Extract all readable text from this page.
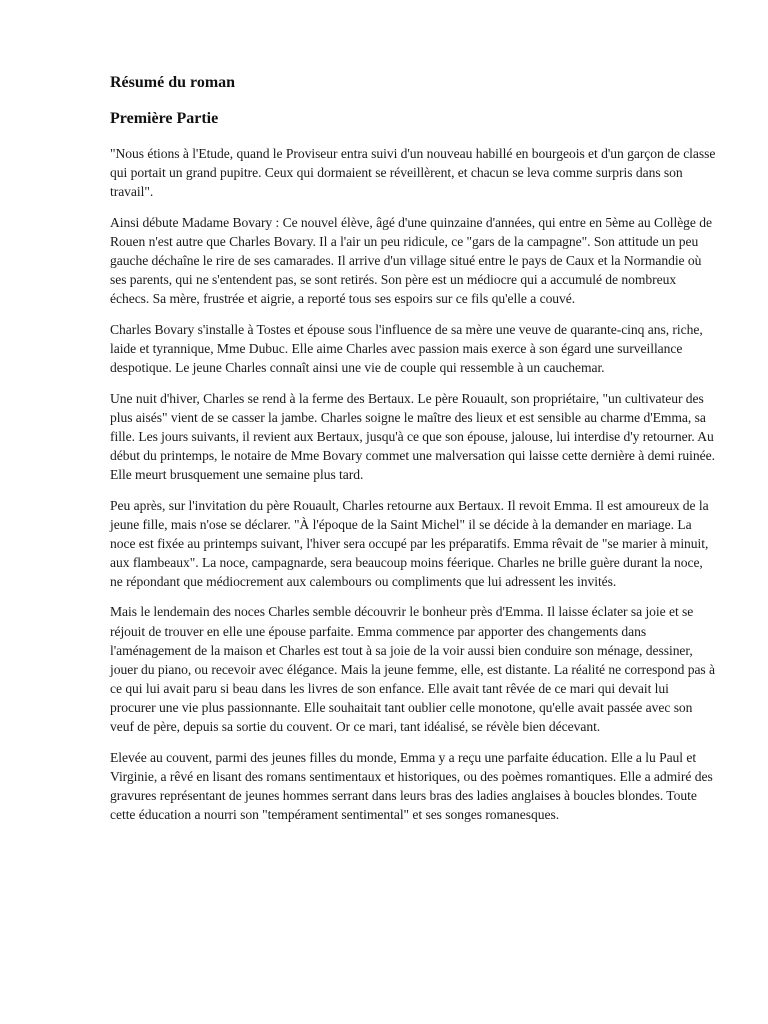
Résumé du roman
Première Partie

"Nous étions à l'Etude, quand le Proviseur entra suivi d'un nouveau habillé en bourgeois et d'un garçon de classe qui portait un grand pupitre. Ceux qui dormaient se réveillèrent, et chacun se leva comme surpris dans son travail".

Ainsi débute Madame Bovary : Ce nouvel élève, âgé d'une quinzaine d'années, qui entre en 5ème au Collège de Rouen n'est autre que Charles Bovary. Il a l'air un peu ridicule, ce "gars de la campagne". Son attitude un peu gauche déchaîne le rire de ses camarades. Il arrive d'un village situé entre le pays de Caux et la Normandie où ses parents, qui ne s'entendent pas, se sont retirés. Son père est un médiocre qui a accumulé de nombreux échecs. Sa mère, frustrée et aigrie, a reporté tous ses espoirs sur ce fils qu'elle a couvé.

Charles Bovary s'installe à Tostes et épouse sous l'influence de sa mère une veuve de quarante-cinq ans, riche, laide et tyrannique, Mme Dubuc. Elle aime Charles avec passion mais exerce à son égard une surveillance despotique. Le jeune Charles connaît ainsi une vie de couple qui ressemble à un cauchemar.

Une nuit d'hiver, Charles se rend à la ferme des Bertaux. Le père Rouault, son propriétaire, "un cultivateur des plus aisés" vient de se casser la jambe. Charles soigne le maître des lieux et est sensible au charme d'Emma, sa fille. Les jours suivants, il revient aux Bertaux, jusqu'à ce que son épouse, jalouse, lui interdise d'y retourner. Au début du printemps, le notaire de Mme Bovary commet une malversation qui laisse cette dernière à demi ruinée. Elle meurt brusquement une semaine plus tard.

Peu après, sur l'invitation du père Rouault, Charles retourne aux Bertaux. Il revoit Emma. Il est amoureux de la jeune fille, mais n'ose se déclarer. "À l'époque de la Saint Michel" il se décide à la demander en mariage. La noce est fixée au printemps suivant, l'hiver sera occupé par les préparatifs. Emma rêvait de "se marier à minuit, aux flambeaux". La noce, campagnarde, sera beaucoup moins féerique. Charles ne brille guère durant la noce, ne répondant que médiocrement aux calembours ou compliments que lui adressent les invités.

Mais le lendemain des noces Charles semble découvrir le bonheur près d'Emma. Il laisse éclater sa joie et se réjouit de trouver en elle une épouse parfaite. Emma commence par apporter des changements dans l'aménagement de la maison et Charles est tout à sa joie de la voir aussi bien conduire son ménage, dessiner, jouer du piano, ou recevoir avec élégance. Mais la jeune femme, elle, est distante. La réalité ne correspond pas à ce qui lui avait paru si beau dans les livres de son enfance. Elle avait tant rêvée de ce mari qui devait lui procurer une vie plus passionnante. Elle souhaitait tant oublier celle monotone, qu'elle avait passée avec son veuf de père, depuis sa sortie du couvent. Or ce mari, tant idéalisé, se révèle bien décevant.

Elevée au couvent, parmi des jeunes filles du monde, Emma y a reçu une parfaite éducation. Elle a lu Paul et Virginie, a rêvé en lisant des romans sentimentaux et historiques, ou des poèmes romantiques. Elle a admiré des gravures représentant de jeunes hommes serrant dans leurs bras des ladies anglaises à boucles blondes. Toute cette éducation a nourri son "tempérament sentimental" et ses songes romanesques.
